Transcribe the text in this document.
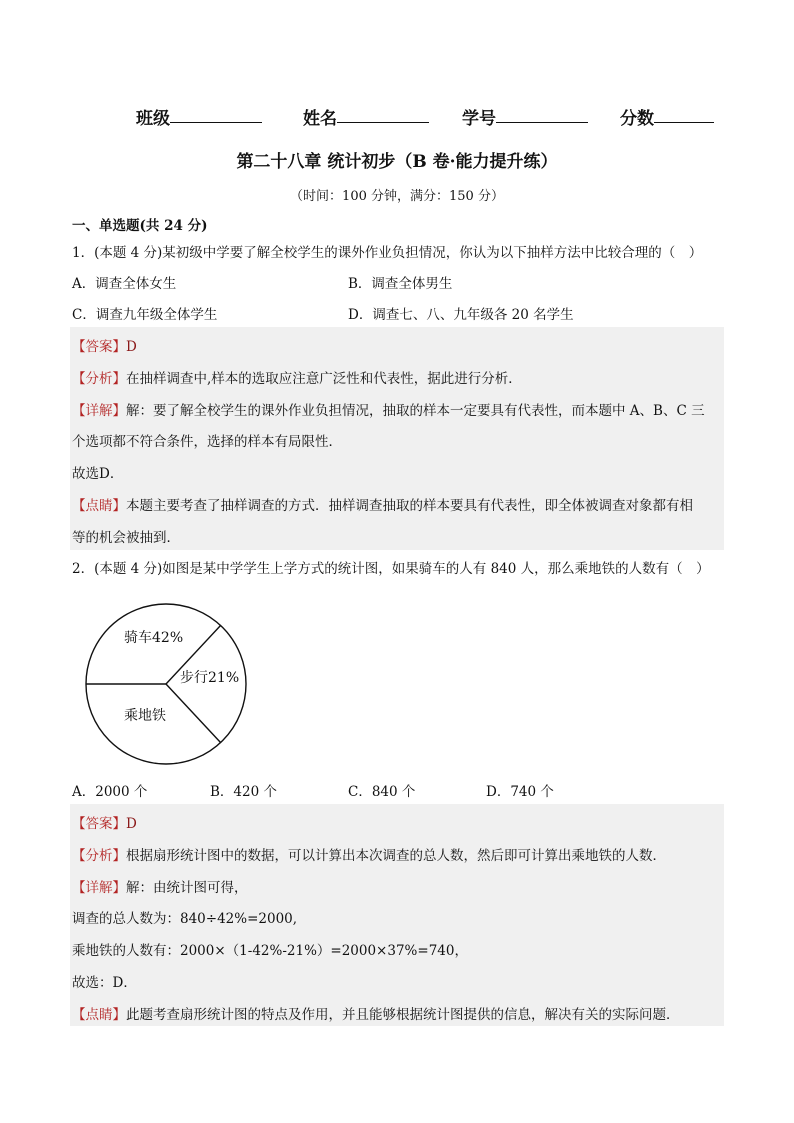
班级	姓名	学号	分数
第二十八章 统计初步（B 卷·能力提升练）
（时间：100 分钟，满分：150 分）
一、单选题(共 24 分)
1．(本题 4 分)某初级中学要了解全校学生的课外作业负担情况，你认为以下抽样方法中比较合理的（　）
A．调查全体女生	B．调查全体男生
C．调查九年级全体学生	D．调查七、八、九年级各 20 名学生
【答案】D
【分析】在抽样调查中,样本的选取应注意广泛性和代表性，据此进行分析．
【详解】解：要了解全校学生的课外作业负担情况，抽取的样本一定要具有代表性，而本题中 A、B、C 三
个选项都不符合条件，选择的样本有局限性．
故选D．
【点睛】本题主要考查了抽样调查的方式．抽样调查抽取的样本要具有代表性，即全体被调查对象都有相
等的机会被抽到．
2．(本题 4 分)如图是某中学学生上学方式的统计图，如果骑车的人有 840 人，那么乘地铁的人数有（　）
骑车42%
步行21%
乘地铁
A．2000 个	B．420 个	C．840 个	D．740 个
【答案】D
【分析】根据扇形统计图中的数据，可以计算出本次调查的总人数，然后即可计算出乘地铁的人数．
【详解】解：由统计图可得，
调查的总人数为：840÷42%=2000,
乘地铁的人数有：2000×（1-42%-21%）=2000×37%=740，
故选：D．
【点睛】此题考查扇形统计图的特点及作用，并且能够根据统计图提供的信息，解决有关的实际问题．
